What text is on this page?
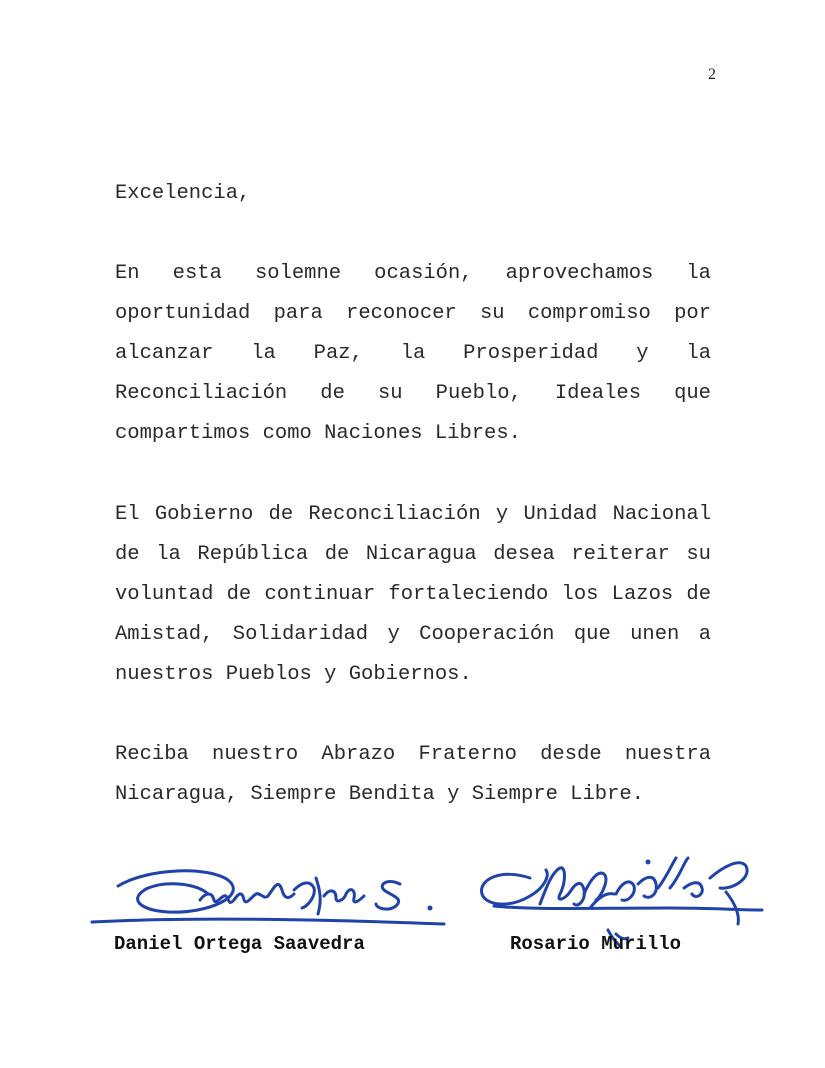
2
Excelencia,
En esta solemne ocasión, aprovechamos la oportunidad para reconocer su compromiso por alcanzar la Paz, la Prosperidad y la Reconciliación de su Pueblo, Ideales que compartimos como Naciones Libres.
El Gobierno de Reconciliación y Unidad Nacional de la República de Nicaragua desea reiterar su voluntad de continuar fortaleciendo los Lazos de Amistad, Solidaridad y Cooperación que unen a nuestros Pueblos y Gobiernos.
Reciba nuestro Abrazo Fraterno desde nuestra Nicaragua, Siempre Bendita y Siempre Libre.
Daniel Ortega Saavedra	Rosario Murillo
